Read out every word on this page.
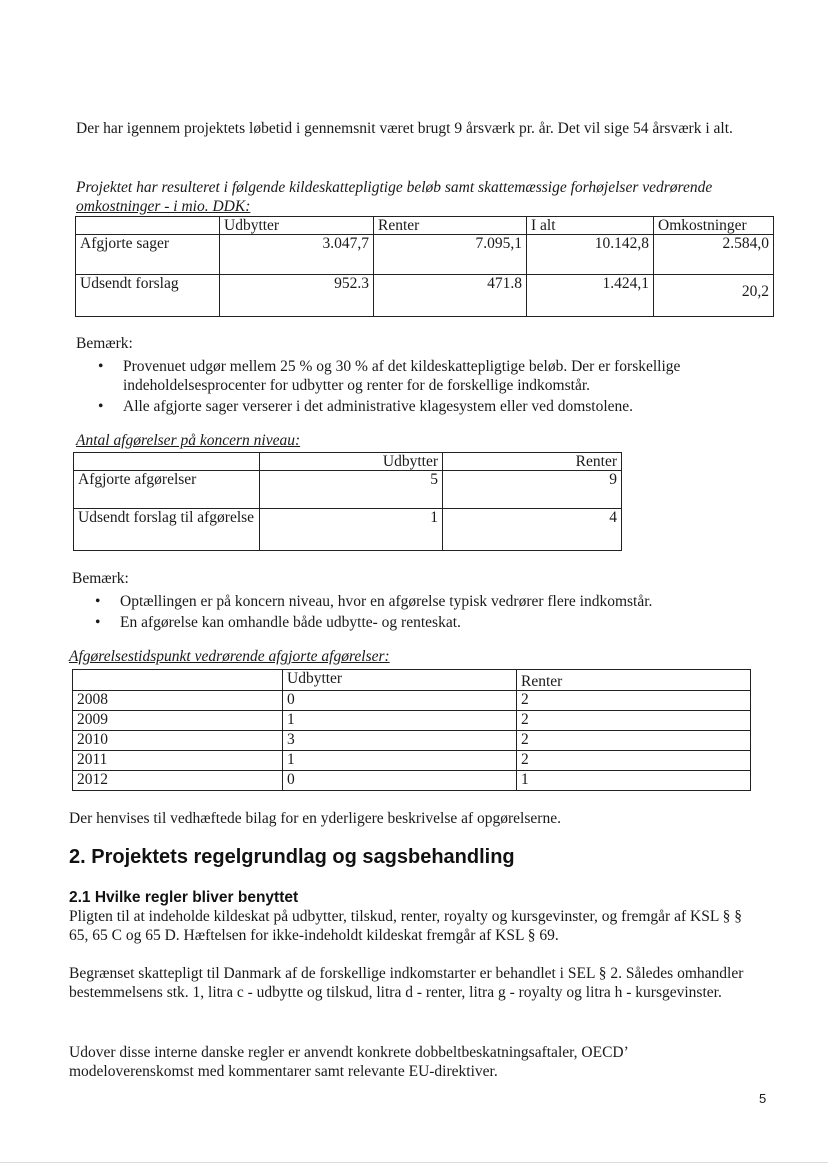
Der har igennem projektets løbetid i gennemsnit været brugt 9 årsværk pr. år. Det vil sige 54 årsværk i alt.
Projektet har resulteret i følgende kildeskattepligtige beløb samt skattemæssige forhøjelser vedrørende
omkostninger - i mio. DDK:
	Udbytter	Renter	I alt	Omkostninger
Afgjorte sager	3.047,7	7.095,1	10.142,8	2.584,0
Udsendt forslag	952.3	471.8	1.424,1	20,2
Bemærk:
• Provenuet udgør mellem 25 % og 30 % af det kildeskattepligtige beløb. Der er forskellige indeholdelsesprocenter for udbytter og renter for de forskellige indkomstår.
• Alle afgjorte sager verserer i det administrative klagesystem eller ved domstolene.
Antal afgørelser på koncern niveau:
	Udbytter	Renter
Afgjorte afgørelser	5	9
Udsendt forslag til afgørelse	1	4
Bemærk:
• Optællingen er på koncern niveau, hvor en afgørelse typisk vedrører flere indkomstår.
• En afgørelse kan omhandle både udbytte- og renteskat.
Afgørelsestidspunkt vedrørende afgjorte afgørelser:
	Udbytter	Renter
2008	0	2
2009	1	2
2010	3	2
2011	1	2
2012	0	1
Der henvises til vedhæftede bilag for en yderligere beskrivelse af opgørelserne.
2. Projektets regelgrundlag og sagsbehandling
2.1 Hvilke regler bliver benyttet
Pligten til at indeholde kildeskat på udbytter, tilskud, renter, royalty og kursgevinster, og fremgår af KSL § § 65, 65 C og 65 D. Hæftelsen for ikke-indeholdt kildeskat fremgår af KSL § 69.
Begrænset skattepligt til Danmark af de forskellige indkomstarter er behandlet i SEL § 2. Således omhandler bestemmelsens stk. 1, litra c - udbytte og tilskud, litra d - renter, litra g - royalty og litra h - kursgevinster.
Udover disse interne danske regler er anvendt konkrete dobbeltbeskatningsaftaler, OECD’ modeloverenskomst med kommentarer samt relevante EU-direktiver.
5
